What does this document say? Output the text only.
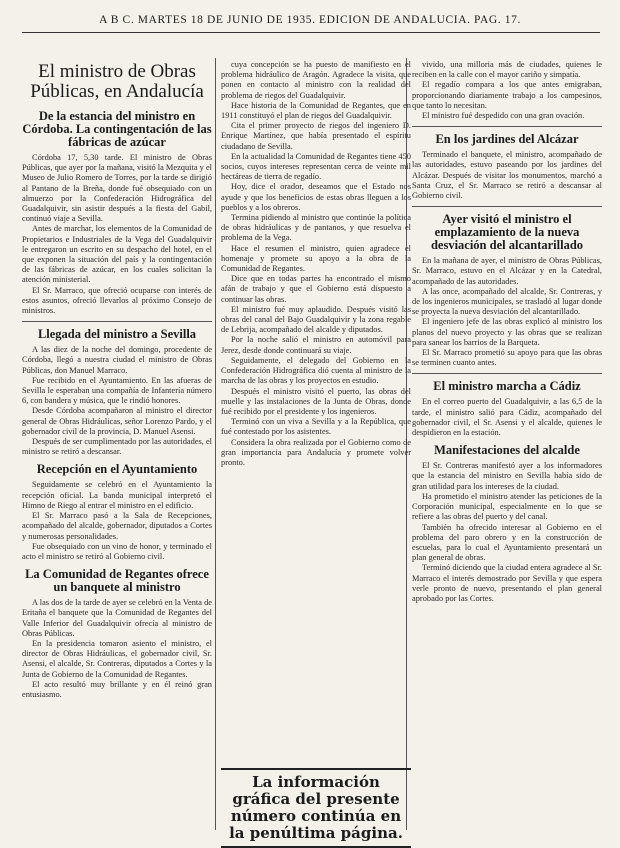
A B C. MARTES 18 DE JUNIO DE 1935. EDICION DE ANDALUCIA. PAG. 17.
El ministro de Obras Públicas, en Andalucía
De la estancia del ministro en Córdoba. La contingentación de las fábricas de azúcar

Córdoba 17, 5,30 tarde. El ministro de Obras Públicas, que ayer por la mañana, visitó la Mezquita y el Museo de Julio Romero de Torres, por la tarde se dirigió al Pantano de la Breña, donde fué obsequiado con un almuerzo por la Confederación Hidrográfica del Guadalquivir, sin asistir después a la fiesta del Gabil, continuó viaje a Sevilla.

Antes de marchar, los elementos de la Comunidad de Propietarios e Industriales de la Vega del Guadalquivir le entregaron un escrito en su despacho del hotel, en el que exponen la situación del país y la contingentación de las fábricas de azúcar, en los cuales solicitan la atención ministerial.

El Sr. Marraco, que ofreció ocuparse con interés de estos asuntos, ofreció llevarlos al próximo Consejo de ministros.

Llegada del ministro a Sevilla

A las diez de la noche del domingo, procedente de Córdoba, llegó a nuestra ciudad el ministro de Obras Públicas, don Manuel Marraco.

Fue recibido en el Ayuntamiento. En las afueras de Sevilla le esperaban una compañía de Infantería número 6, con bandera y música, que le rindió honores.

Desde Córdoba acompañaron al ministro el director general de Obras Hidráulicas, señor Lorenzo Pardo, y el gobernador civil de la provincia, D. Manuel Asensi.

Después de ser cumplimentado por las autoridades, el ministro se retiró a descansar.

Recepción en el Ayuntamiento

Seguidamente se celebró en el Ayuntamiento la recepción oficial. La banda municipal interpretó el Himno de Riego al entrar el ministro en el edificio.

El Sr. Marraco pasó a la Sala de Recepciones, acompañado del alcalde, gobernador, diputados a Cortes y numerosas personalidades.

Fue obsequiado con un vino de honor, y terminado el acto el ministro se retiró al Gobierno civil.

La Comunidad de Regantes ofrece un banquete al ministro

A las dos de la tarde de ayer se celebró en la Venta de Eritaña el banquete que la Comunidad de Regantes del Valle Inferior del Guadalquivir ofrecía al ministro de Obras Públicas.

En la presidencia tomaron asiento el ministro, el director de Obras Hidráulicas, el gobernador civil, Sr. Asensi, el alcalde, Sr. Contreras, diputados a Cortes y la Junta de Gobierno de la Comunidad de Regantes.

El acto resultó muy brillante y en él reinó gran entusiasmo.

cuya concepción se ha puesto de manifiesto en el problema hidráulico de Aragón. Agradece la visita, que ponen en contacto al ministro con la realidad del problema de riegos del Guadalquivir.

Hace historia de la Comunidad de Regantes, que en 1911 constituyó el plan de riegos del Guadalquivir.

Cita el primer proyecto de riegos del ingeniero D. Enrique Martínez, que había presentado el espíritu ciudadano de Sevilla.

En la actualidad la Comunidad de Regantes tiene 450 socios, cuyos intereses representan cerca de veinte mil hectáreas de tierra de regadío.

Hoy, dice el orador, deseamos que el Estado nos ayude y que los beneficios de estas obras lleguen a los pueblos y a los obreros.

Termina pidiendo al ministro que continúe la política de obras hidráulicas y de pantanos, y que resuelva el problema de la Vega.

Hace el resumen el ministro, quien agradece el homenaje y promete su apoyo a la obra de la Comunidad de Regantes.

Dice que en todas partes ha encontrado el mismo afán de trabajo y que el Gobierno está dispuesto a continuar las obras.

El ministro fué muy aplaudido. Después visitó las obras del canal del Bajo Guadalquivir y la zona regable de Lebrija, acompañado del alcalde y diputados.

Por la noche salió el ministro en automóvil para Jerez, desde donde continuará su viaje.

Seguidamente, el delegado del Gobierno en la Confederación Hidrográfica dió cuenta al ministro de la marcha de las obras y los proyectos en estudio.

Después el ministro visitó el puerto, las obras del muelle y las instalaciones de la Junta de Obras, donde fué recibido por el presidente y los ingenieros.

Terminó con un viva a Sevilla y a la República, que fué contestado por los asistentes.

Considera la obra realizada por el Gobierno como de gran importancia para Andalucía y promete volver pronto.

La información gráfica del presente número continúa en la penúltima página.

vivido, una milloria más de ciudades, quienes le reciben en la calle con el mayor cariño y simpatía.

El regadío compara a los que antes emigraban, proporcionando diariamente trabajo a los campesinos, que tanto lo necesitan.

El ministro fué despedido con una gran ovación.

En los jardines del Alcázar

Terminado el banquete, el ministro, acompañado de las autoridades, estuvo paseando por los jardines del Alcázar. Después de visitar los monumentos, marchó a Santa Cruz, el Sr. Marraco se retiró a descansar al Gobierno civil.

Ayer visitó el ministro el emplazamiento de la nueva desviación del alcantarillado

En la mañana de ayer, el ministro de Obras Públicas, Sr. Marraco, estuvo en el Alcázar y en la Catedral, acompañado de las autoridades.

A las once, acompañado del alcalde, Sr. Contreras, y de los ingenieros municipales, se trasladó al lugar donde se proyecta la nueva desviación del alcantarillado.

El ingeniero jefe de las obras explicó al ministro los planos del nuevo proyecto y las obras que se realizan para sanear los barrios de la Barqueta.

El Sr. Marraco prometió su apoyo para que las obras se terminen cuanto antes.

El ministro marcha a Cádiz

En el correo puerto del Guadalquivir, a las 6,5 de la tarde, el ministro salió para Cádiz, acompañado del gobernador civil, el Sr. Asensi y el alcalde, quienes le despidieron en la estación.

Manifestaciones del alcalde

El Sr. Contreras manifestó ayer a los informadores que la estancia del ministro en Sevilla había sido de gran utilidad para los intereses de la ciudad.

Ha prometido el ministro atender las peticiones de la Corporación municipal, especialmente en lo que se refiere a las obras del puerto y del canal.

También ha ofrecido interesar al Gobierno en el problema del paro obrero y en la construcción de escuelas, para lo cual el Ayuntamiento presentará un plan general de obras.

Terminó diciendo que la ciudad entera agradece al Sr. Marraco el interés demostrado por Sevilla y que espera verle pronto de nuevo, presentando el plan general aprobado por las Cortes.
